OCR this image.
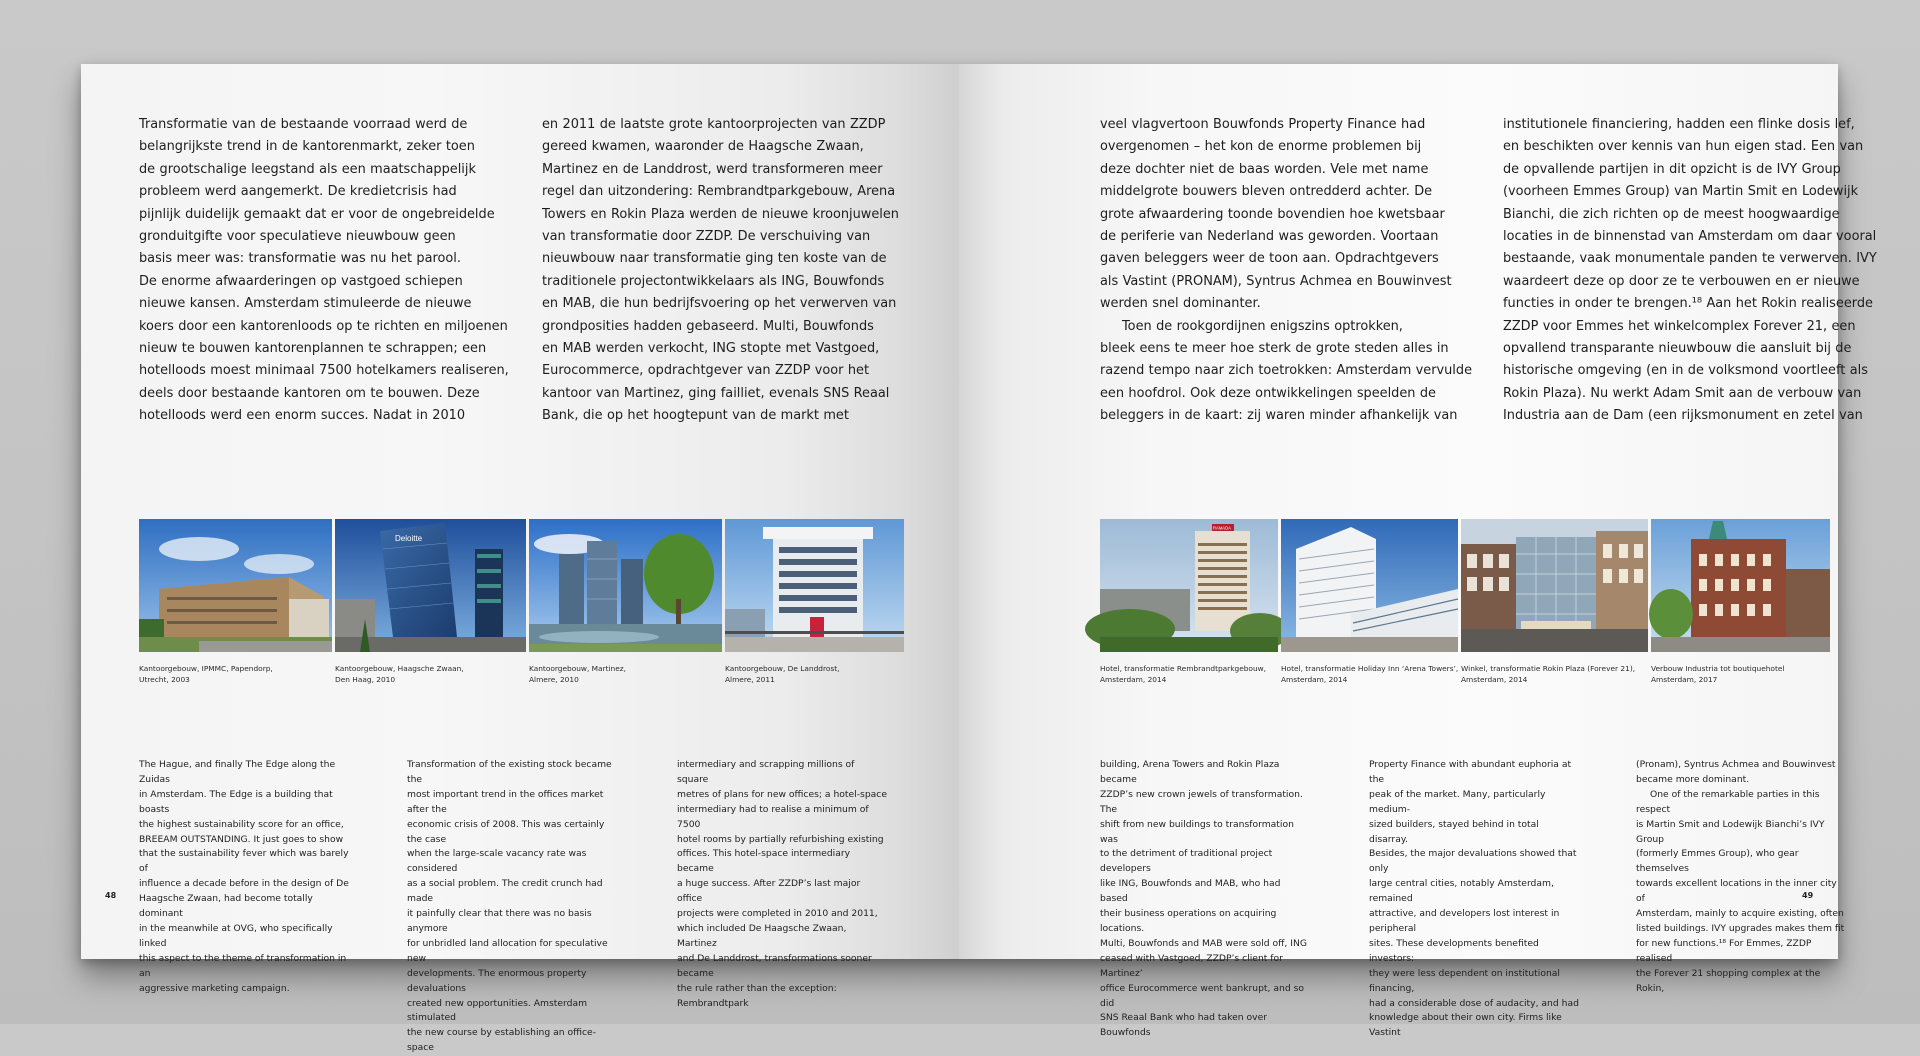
Transformatie van de bestaande voorraad werd de
belangrijkste trend in de kantorenmarkt, zeker toen
de grootschalige leegstand als een maatschappelijk
probleem werd aangemerkt. De kredietcrisis had
pijnlijk duidelijk gemaakt dat er voor de ongebreidelde
gronduitgifte voor speculatieve nieuwbouw geen
basis meer was: transformatie was nu het parool.
De enorme afwaarderingen op vastgoed schiepen
nieuwe kansen. Amsterdam stimuleerde de nieuwe
koers door een kantorenloods op te richten en miljoenen
nieuw te bouwen kantorenplannen te schrappen; een
hotelloods moest minimaal 7500 hotelkamers realiseren,
deels door bestaande kantoren om te bouwen. Deze
hotelloods werd een enorm succes. Nadat in 2010

en 2011 de laatste grote kantoorprojecten van ZZDP
gereed kwamen, waaronder de Haagsche Zwaan,
Martinez en de Landdrost, werd transformeren meer
regel dan uitzondering: Rembrandtparkgebouw, Arena
Towers en Rokin Plaza werden de nieuwe kroonjuwelen
van transformatie door ZZDP. De verschuiving van
nieuwbouw naar transformatie ging ten koste van de
traditionele projectontwikkelaars als ING, Bouwfonds
en MAB, die hun bedrijfsvoering op het verwerven van
grondposities hadden gebaseerd. Multi, Bouwfonds
en MAB werden verkocht, ING stopte met Vastgoed,
Eurocommerce, opdrachtgever van ZZDP voor het
kantoor van Martinez, ging failliet, evenals SNS Reaal
Bank, die op het hoogtepunt van de markt met

Kantoorgebouw, IPMMC, Papendorp,
Utrecht, 2003
Deloitte
Kantoorgebouw, Haagsche Zwaan,
Den Haag, 2010
Kantoorgebouw, Martinez,
Almere, 2010
Kantoorgebouw, De Landdrost,
Almere, 2011

The Hague, and finally The Edge along the Zuidas
in Amsterdam. The Edge is a building that boasts
the highest sustainability score for an office,
BREEAM OUTSTANDING. It just goes to show
that the sustainability fever which was barely of
influence a decade before in the design of De
Haagsche Zwaan, had become totally dominant
in the meanwhile at OVG, who specifically linked
this aspect to the theme of transformation in an
aggressive marketing campaign.

Transformation of the existing stock became the
most important trend in the offices market after the
economic crisis of 2008. This was certainly the case
when the large-scale vacancy rate was considered
as a social problem. The credit crunch had made
it painfully clear that there was no basis anymore
for unbridled land allocation for speculative new
developments. The enormous property devaluations
created new opportunities. Amsterdam stimulated
the new course by establishing an office-space

intermediary and scrapping millions of square
metres of plans for new offices; a hotel-space
intermediary had to realise a minimum of 7500
hotel rooms by partially refurbishing existing
offices. This hotel-space intermediary became
a huge success. After ZZDP’s last major office
projects were completed in 2010 and 2011,
which included De Haagsche Zwaan, Martinez
and De Landdrost, transformations sooner became
the rule rather than the exception: Rembrandtpark

48

veel vlagvertoon Bouwfonds Property Finance had
overgenomen – het kon de enorme problemen bij
deze dochter niet de baas worden. Vele met name
middelgrote bouwers bleven ontredderd achter. De
grote afwaardering toonde bovendien hoe kwetsbaar
de periferie van Nederland was geworden. Voortaan
gaven beleggers weer de toon aan. Opdrachtgevers
als Vastint (PRONAM), Syntrus Achmea en Bouwinvest
werden snel dominanter.

Toen de rookgordijnen enigszins optrokken,
bleek eens te meer hoe sterk de grote steden alles in
razend tempo naar zich toetrokken: Amsterdam vervulde
een hoofdrol. Ook deze ontwikkelingen speelden de
beleggers in de kaart: zij waren minder afhankelijk van

institutionele financiering, hadden een flinke dosis lef,
en beschikten over kennis van hun eigen stad. Een van
de opvallende partijen in dit opzicht is de IVY Group
(voorheen Emmes Group) van Martin Smit en Lodewijk
Bianchi, die zich richten op de meest hoogwaardige
locaties in de binnenstad van Amsterdam om daar vooral
bestaande, vaak monumentale panden te verwerven. IVY
waardeert deze op door ze te verbouwen en er nieuwe
functies in onder te brengen.¹⁸ Aan het Rokin realiseerde
ZZDP voor Emmes het winkelcomplex Forever 21, een
opvallend transparante nieuwbouw die aansluit bij de
historische omgeving (en in de volksmond voortleeft als
Rokin Plaza). Nu werkt Adam Smit aan de verbouw van
Industria aan de Dam (een rijksmonument en zetel van

RAMADA
Hotel, transformatie Rembrandtparkgebouw,
Amsterdam, 2014
Hotel, transformatie Holiday Inn ‘Arena Towers’,
Amsterdam, 2014
Winkel, transformatie Rokin Plaza (Forever 21),
Amsterdam, 2014
Verbouw Industria tot boutiquehotel
Amsterdam, 2017

building, Arena Towers and Rokin Plaza became
ZZDP’s new crown jewels of transformation. The
shift from new buildings to transformation was
to the detriment of traditional project developers
like ING, Bouwfonds and MAB, who had based
their business operations on acquiring locations.
Multi, Bouwfonds and MAB were sold off, ING
ceased with Vastgoed, ZZDP’s client for Martinez’
office Eurocommerce went bankrupt, and so did
SNS Reaal Bank who had taken over Bouwfonds

Property Finance with abundant euphoria at the
peak of the market. Many, particularly medium-
sized builders, stayed behind in total disarray.
Besides, the major devaluations showed that only
large central cities, notably Amsterdam, remained
attractive, and developers lost interest in peripheral
sites. These developments benefited investors:
they were less dependent on institutional financing,
had a considerable dose of audacity, and had
knowledge about their own city. Firms like Vastint

(Pronam), Syntrus Achmea and Bouwinvest
became more dominant.

One of the remarkable parties in this respect
is Martin Smit and Lodewijk Bianchi’s IVY Group
(formerly Emmes Group), who gear themselves
towards excellent locations in the inner city of
Amsterdam, mainly to acquire existing, often
listed buildings. IVY upgrades makes them fit
for new functions.¹⁸ For Emmes, ZZDP realised
the Forever 21 shopping complex at the Rokin,

49
